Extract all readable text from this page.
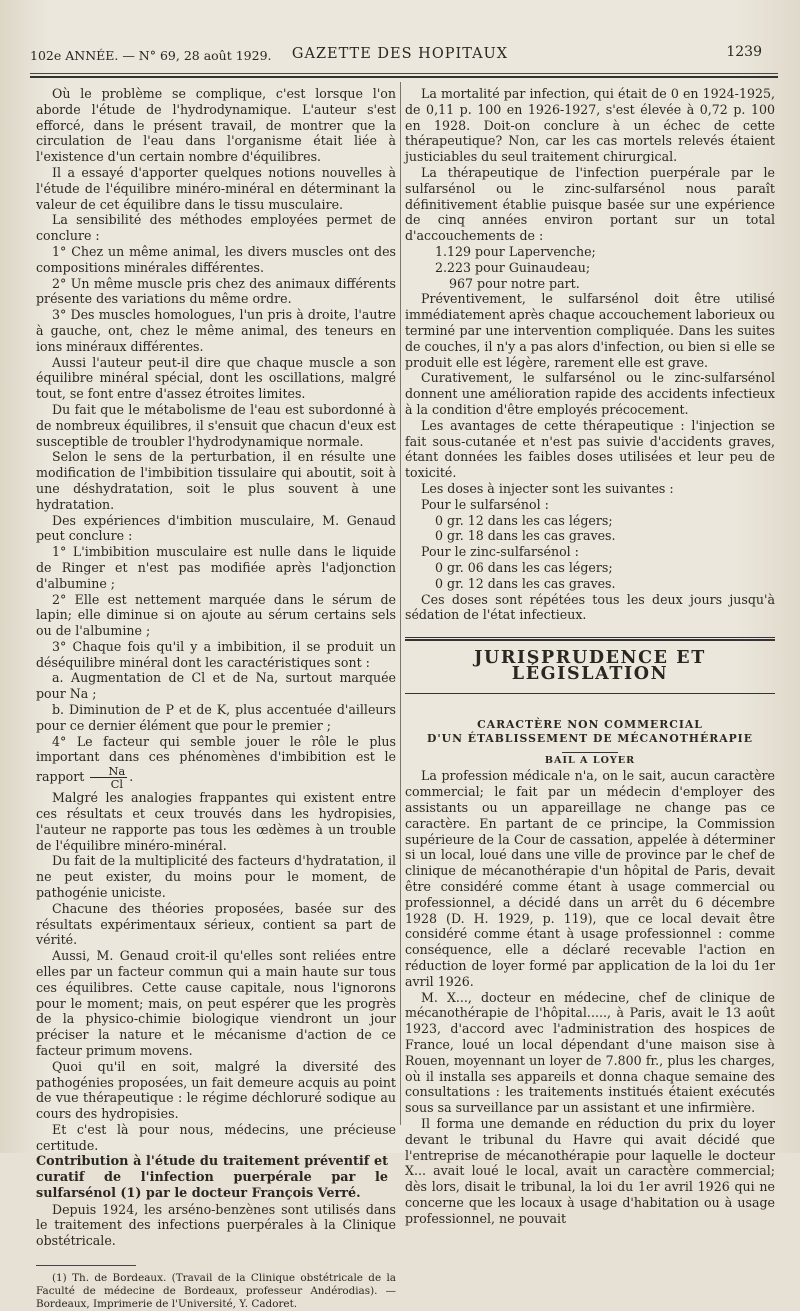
102e ANNÉE. — N° 69, 28 août 1929.	GAZETTE DES HOPITAUX	1239

Où le problème se complique, c'est lorsque l'on aborde l'étude de l'hydrodynamique. L'auteur s'est efforcé, dans le présent travail, de montrer que la circulation de l'eau dans l'organisme était liée à l'existence d'un certain nombre d'équilibres.

Il a essayé d'apporter quelques notions nouvelles à l'étude de l'équilibre minéro-minéral en déterminant la valeur de cet équilibre dans le tissu musculaire.

La sensibilité des méthodes employées permet de conclure :

1° Chez un même animal, les divers muscles ont des compositions minérales différentes.

2° Un même muscle pris chez des animaux différents présente des variations du même ordre.

3° Des muscles homologues, l'un pris à droite, l'autre à gauche, ont, chez le même animal, des teneurs en ions minéraux différentes.

Aussi l'auteur peut-il dire que chaque muscle a son équilibre minéral spécial, dont les oscillations, malgré tout, se font entre d'assez étroites limites.

Du fait que le métabolisme de l'eau est subordonné à de nombreux équilibres, il s'ensuit que chacun d'eux est susceptible de troubler l'hydrodynamique normale.

Selon le sens de la perturbation, il en résulte une modification de l'imbibition tissulaire qui aboutit, soit à une déshydratation, soit le plus souvent à une hydratation.

Des expériences d'imbition musculaire, M. Genaud peut conclure :

1° L'imbibition musculaire est nulle dans le liquide de Ringer et n'est pas modifiée après l'adjonction d'albumine ;

2° Elle est nettement marquée dans le sérum de lapin; elle diminue si on ajoute au sérum certains sels ou de l'albumine ;

3° Chaque fois qu'il y a imbibition, il se produit un déséquilibre minéral dont les caractéristiques sont :

a. Augmentation de Cl et de Na, surtout marquée pour Na ;

b. Diminution de P et de K, plus accentuée d'ailleurs pour ce dernier élément que pour le premier ;

4° Le facteur qui semble jouer le rôle le plus important dans ces phénomènes d'imbibition est le rapport $\frac{Na}{Cl}$ .

Malgré les analogies frappantes qui existent entre ces résultats et ceux trouvés dans les hydropisies, l'auteur ne rapporte pas tous les œdèmes à un trouble de l'équilibre minéro-minéral.

Du fait de la multiplicité des facteurs d'hydratation, il ne peut exister, du moins pour le moment, de pathogénie uniciste.

Chacune des théories proposées, basée sur des résultats expérimentaux sérieux, contient sa part de vérité.

Aussi, M. Genaud croit-il qu'elles sont reliées entre elles par un facteur commun qui a main haute sur tous ces équilibres. Cette cause capitale, nous l'ignorons pour le moment; mais, on peut espérer que les progrès de la physico-chimie biologique viendront un jour préciser la nature et le mécanisme d'action de ce facteur primum movens.

Quoi qu'il en soit, malgré la diversité des pathogénies proposées, un fait demeure acquis au point de vue thérapeutique : le régime déchloruré sodique au cours des hydropisies.

Et c'est là pour nous, médecins, une précieuse certitude.

Contribution à l'étude du traitement préventif et curatif de l'infection puerpérale par le sulfarsénol (1) par le docteur François Verré.

Depuis 1924, les arséno-benzènes sont utilisés dans le traitement des infections puerpérales à la Clinique obstétricale.

(1) Th. de Bordeaux. (Travail de la Clinique obstétricale de la Faculté de médecine de Bordeaux, professeur Andérodias). — Bordeaux, Imprimerie de l'Université, Y. Cadoret.

La mortalité par infection, qui était de 0 en 1924-1925, de 0,11 p. 100 en 1926-1927, s'est élevée à 0,72 p. 100 en 1928. Doit-on conclure à un échec de cette thérapeutique? Non, car les cas mortels relevés étaient justiciables du seul traitement chirurgical.

La thérapeutique de l'infection puerpérale par le sulfarsénol ou le zinc-sulfarsénol nous paraît définitivement établie puisque basée sur une expérience de cinq années environ portant sur un total d'accouchements de :

1.129 pour Lapervenche;

2.223 pour Guinaudeau;

967 pour notre part.

Préventivement, le sulfarsénol doit être utilisé immédiatement après chaque accouchement laborieux ou terminé par une intervention compliquée. Dans les suites de couches, il n'y a pas alors d'infection, ou bien si elle se produit elle est légère, rarement elle est grave.

Curativement, le sulfarsénol ou le zinc-sulfarsénol donnent une amélioration rapide des accidents infectieux à la condition d'être employés précocement.

Les avantages de cette thérapeutique : l'injection se fait sous-cutanée et n'est pas suivie d'accidents graves, étant données les faibles doses utilisées et leur peu de toxicité.

Les doses à injecter sont les suivantes :

Pour le sulfarsénol :

0 gr. 12 dans les cas légers;

0 gr. 18 dans les cas graves.

Pour le zinc-sulfarsénol :

0 gr. 06 dans les cas légers;

0 gr. 12 dans les cas graves.

Ces doses sont répétées tous les deux jours jusqu'à sédation de l'état infectieux.

JURISPRUDENCE ET LÉGISLATION

CARACTÈRE NON COMMERCIAL

D'UN ÉTABLISSEMENT DE MÉCANOTHÉRAPIE

BAIL A LOYER

La profession médicale n'a, on le sait, aucun caractère commercial; le fait par un médecin d'employer des assistants ou un appareillage ne change pas ce caractère. En partant de ce principe, la Commission supérieure de la Cour de cassation, appelée à déterminer si un local, loué dans une ville de province par le chef de clinique de mécanothérapie d'un hôpital de Paris, devait être considéré comme étant à usage commercial ou professionnel, a décidé dans un arrêt du 6 décembre 1928 (D. H. 1929, p. 119), que ce local devait être considéré comme étant à usage professionnel : comme conséquence, elle a déclaré recevable l'action en réduction de loyer formé par application de la loi du 1er avril 1926.

M. X..., docteur en médecine, chef de clinique de mécanothérapie de l'hôpital....., à Paris, avait le 13 août 1923, d'accord avec l'administration des hospices de France, loué un local dépendant d'une maison sise à Rouen, moyennant un loyer de 7.800 fr., plus les charges, où il installa ses appareils et donna chaque semaine des consultations : les traitements institués étaient exécutés sous sa surveillance par un assistant et une infirmière.

Il forma une demande en réduction du prix du loyer devant le tribunal du Havre qui avait décidé que l'entreprise de mécanothérapie pour laquelle le docteur X... avait loué le local, avait un caractère commercial; dès lors, disait le tribunal, la loi du 1er avril 1926 qui ne concerne que les locaux à usage d'habitation ou à usage professionnel, ne pouvait
